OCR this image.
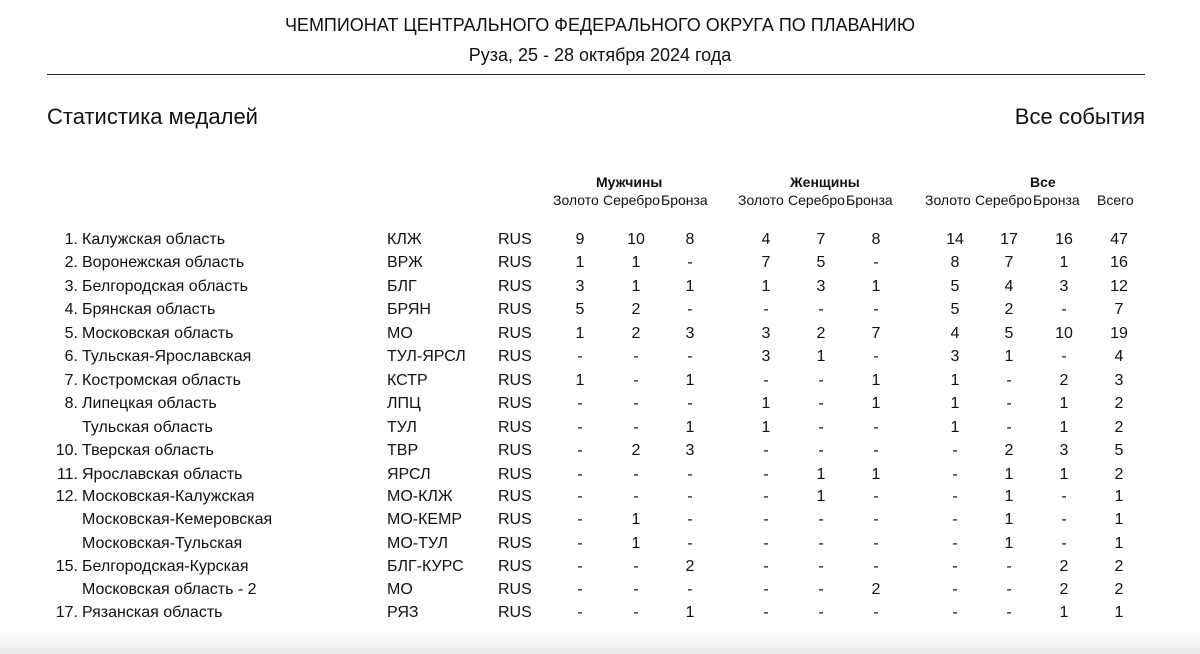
ЧЕМПИОНАТ ЦЕНТРАЛЬНОГО ФЕДЕРАЛЬНОГО ОКРУГА ПО ПЛАВАНИЮ
Руза, 25 - 28 октября 2024 года
Статистика медалей	Все события
Мужчины	Женщины	Все
Золото Серебро Бронза	Золото Серебро Бронза	Золото Серебро Бронза	Всего
1. Калужская область	КЛЖ	RUS	9	10	8	4	7	8	14	17	16	47
2. Воронежская область	ВРЖ	RUS	1	1	-	7	5	-	8	7	1	16
3. Белгородская область	БЛГ	RUS	3	1	1	1	3	1	5	4	3	12
4. Брянская область	БРЯН	RUS	5	2	-	-	-	-	5	2	-	7
5. Московская область	МО	RUS	1	2	3	3	2	7	4	5	10	19
6. Тульская-Ярославская	ТУЛ-ЯРСЛ RUS	-	-	-	3	1	-	3	1	-	4
7. Костромская область	КСТР	RUS	1	-	1	-	-	1	1	-	2	3
8. Липецкая область	ЛПЦ	RUS	-	-	-	1	-	1	1	-	1	2
Тульская область	ТУЛ	RUS	-	-	1	1	-	-	1	-	1	2
10. Тверская область	ТВР	RUS	-	2	3	-	-	-	-	2	3	5
11. Ярославская область	ЯРСЛ	RUS	-	-	-	-	1	1	-	1	1	2
12. Московская-Калужская	МО-КЛЖ	RUS	-	-	-	-	1	-	-	1	-	1
Московская-Кемеровская	МО-КЕМР RUS	-	1	-	-	-	-	-	1	-	1
Московская-Тульская	МО-ТУЛ	RUS	-	1	-	-	-	-	-	1	-	1
15. Белгородская-Курская	БЛГ-КУРС RUS	-	-	2	-	-	-	-	-	2	2
Московская область - 2	МО	RUS	-	-	-	-	-	2	-	-	2	2
17. Рязанская область	РЯЗ	RUS	-	-	1	-	-	-	-	-	1	1
